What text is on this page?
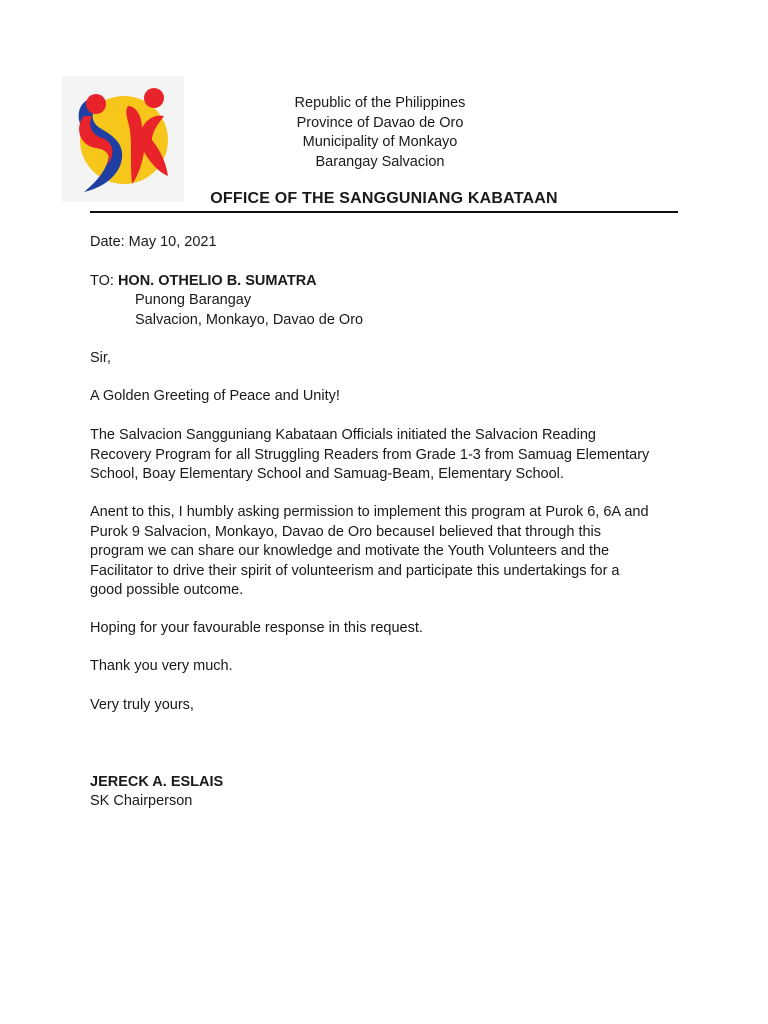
Republic of the Philippines
Province of Davao de Oro
Municipality of Monkayo
Barangay Salvacion
OFFICE OF THE SANGGUNIANG KABATAAN
Date: May 10, 2021
TO: HON. OTHELIO B. SUMATRA
Punong Barangay
Salvacion, Monkayo, Davao de Oro
Sir,
A Golden Greeting of Peace and Unity!
The Salvacion Sangguniang Kabataan Officials initiated the Salvacion Reading
Recovery Program for all Struggling Readers from Grade 1-3 from Samuag Elementary
School, Boay Elementary School and Samuag-Beam, Elementary School.
Anent to this, I humbly asking permission to implement this program at Purok 6, 6A and
Purok 9 Salvacion, Monkayo, Davao de Oro becauseI believed that through this
program we can share our knowledge and motivate the Youth Volunteers and the
Facilitator to drive their spirit of volunteerism and participate this undertakings for a
good possible outcome.
Hoping for your favourable response in this request.
Thank you very much.
Very truly yours,
JERECK A. ESLAIS
SK Chairperson
